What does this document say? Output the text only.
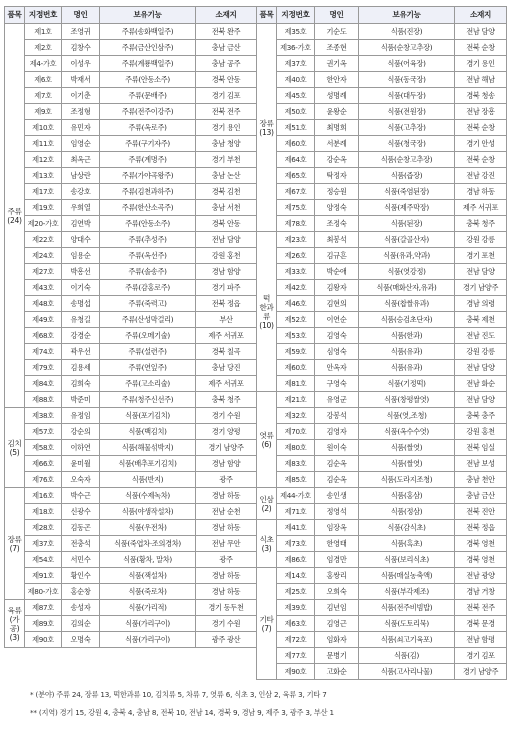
품목	지정번호	명인	보유기능	소재지
주류
(24)	제1호	조영귀	주류(송화백일주)	전북 완주
	제2호	김창수	주류(금산인삼주)	충남 금산
	제4-가호	이성우	주류(계룡백일주)	충남 공주
	제6호	박재서	주류(안동소주)	경북 안동
	제7호	이기춘	주류(문배주)	경기 김포
	제9호	조정형	주류(전주이강주)	전북 전주
	제10호	유민자	주류(옥로주)	경기 용인
	제11호	임영순	주류(구기자주)	충남 청양
	제12호	최옥근	주류(계명주)	경기 부천
	제13호	남상란	주류(가야곡왕주)	충남 논산
	제17호	송강호	주류(김천과하주)	경북 김천
	제19호	우희열	주류(한산소곡주)	충남 서천
	제20-가호	김연박	주류(안동소주)	경북 안동
	제22호	양대수	주류(추성주)	전남 담양
	제24호	임용순	주류(옥선주)	강원 홍천
	제27호	박흥선	주류(솔송주)	경남 함양
	제43호	이기숙	주류(감홍로주)	경기 파주
	제48호	송명섭	주류(죽력고)	전북 정읍
	제49호	유청길	주류(산성막걸리)	부산
	제68호	강경순	주류(오메기술)	제주 서귀포
	제74호	곽우선	주류(설련주)	경북 칠곡
	제79호	김용세	주류(연잎주)	충남 당진
	제84호	김희숙	주류(고소리술)	제주 서귀포
	제88호	박준미	주류(청주신선주)	충북 청주
김치
(5)	제38호	유정임	식품(포기김치)	경기 수원
	제57호	강순의	식품(백김치)	경기 양평
	제58호	이하연	식품(해물섞박지)	경기 남양주
	제66호	윤미월	식품(배추포기김치)	경남 함양
	제76호	오숙자	식품(반지)	광주
장류
(7)	제16호	박수근	식품(수제녹차)	경남 하동
	제18호	신광수	식품(야생작설차)	전남 순천
	제28호	김동곤	식품(우전차)	경남 하동
	제37호	전충석	식품(죽엽차·조의경차)	전남 무안
	제54호	서민수	식품(황차, 말차)	광주
	제91호	황인수	식품(잭설차)	경남 하동
	제80-가호	홍순창	식품(죽로차)	경남 하동
육류
(가공)
(3)	제87호	송성자	식품(가리적)	경기 동두천
	제89호	김의순	식품(가리구이)	경기 수원
	제90호	오명숙	식품(가리구이)	광주 광산
품목	지정번호	명인	보유기능	소재지
장류
(13)	제35호	기순도	식품(진장)	전남 담양
	제36-가호	조종현	식품(순창고추장)	전북 순창
	제37호	권기옥	식품(어육장)	경기 용인
	제40호	한안자	식품(동국장)	전남 해남
	제45호	성명례	식품(대두장)	경북 청송
	제50호	윤왕순	식품(전원장)	전남 장흥
	제51호	최명희	식품(고추장)	전북 순창
	제60호	서분례	식품(청국장)	경기 안성
	제64호	강순옥	식품(순창고추장)	전북 순창
	제65호	탁정자	식품(즙장)	전남 강진
	제67호	정승원	식품(죽염된장)	경남 하동
	제75호	양정숙	식품(제주막장)	제주 서귀포
	제78호	조정숙	식품(된장)	충북 청주
떡
한과류
(10)	제23호	최봉석	식품(갈골산자)	강원 강릉
	제26호	김규흔	식품(유과,약과)	경기 포천
	제33호	박순애	식품(엿강정)	전남 담양
	제42호	김왕자	식품(매화산자,유과)	경기 남양주
	제46호	김현의	식품(찹쌀유과)	경남 의령
	제52호	이연순	식품(승검초단자)	충북 제천
	제53호	김영숙	식품(한과)	전남 진도
	제59호	심영숙	식품(유과)	강원 강릉
	제60호	안옥자	식품(유과)	전남 담양
	제81호	구영숙	식품(기정떡)	전남 화순
엿류
(6)	제21호	유영군	식품(창평쌀엿)	전남 담양
	제32호	강봉석	식품(엿,조청)	충북 충주
	제70호	김영자	식품(옥수수엿)	강원 홍천
	제80호	원이숙	식품(쌀엿)	전북 임실
	제83호	김순옥	식품(쌀엿)	전남 보성
	제85호	김순옥	식품(도라지조청)	충남 천안
인삼
(2)	제44-가호	송인생	식품(홍삼)	충남 금산
	제71호	정영석	식품(정삼)	전북 진안
식초
(3)	제41호	임장옥	식품(감식초)	전북 정읍
	제73호	한영태	식품(흑초)	경북 영천
	제86호	임경만	식품(보리식초)	경북 영천
기타
(7)	제14호	홍쌍리	식품(매실농축액)	전남 광양
	제25호	오희숙	식품(부각제조)	경남 거창
	제39호	김년임	식품(전주비빔밥)	전북 전주
	제63호	김영근	식품(도토리묵)	경북 문경
	제72호	임화자	식품(쇠고기육포)	전남 함평
	제77호	문병기	식품(김)	경기 김포
	제90호	고화순	식품(고사리나물)	경기 남양주
* (분야) 주류 24, 장류 13, 떡한과류 10, 김치류 5, 차류 7, 엿류 6, 식초 3, 인삼 2, 육류 3, 기타 7
** (지역) 경기 15, 강원 4, 충북 4, 충남 8, 전북 10, 전남 14, 경북 9, 경남 9, 제주 3, 광주 3, 부산 1
